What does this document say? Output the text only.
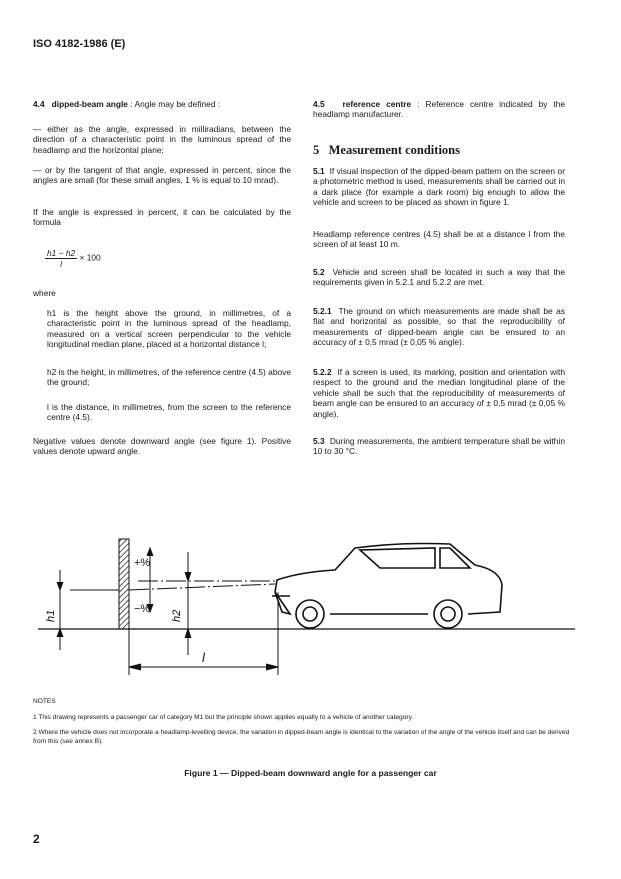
ISO 4182-1986 (E)
4.4 dipped-beam angle : Angle may be defined :
— either as the angle, expressed in milliradians, between the direction of a characteristic point in the luminous spread of the headlamp and the horizontal plane;
— or by the tangent of that angle, expressed in percent, since the angles are small (for these small angles, 1 % is equal to 10 mrad).
If the angle is expressed in percent, it can be calculated by the formula
$\frac{h1 - h2}{l} \times 100$
where
h1 is the height above the ground, in millimetres, of a characteristic point in the luminous spread of the headlamp, measured on a vertical screen perpendicular to the vehicle longitudinal median plane, placed at a horizontal distance l;
h2 is the height, in millimetres, of the reference centre (4.5) above the ground;
l is the distance, in millimetres, from the screen to the reference centre (4.5).
Negative values denote downward angle (see figure 1). Positive values denote upward angle.
4.5 reference centre : Reference centre indicated by the headlamp manufacturer.
5   Measurement conditions
5.1 If visual inspection of the dipped-beam pattern on the screen or a photometric method is used, measurements shall be carried out in a dark place (for example a dark room) big enough to allow the vehicle and screen to be placed as shown in figure 1.
Headlamp reference centres (4.5) shall be at a distance l from the screen of at least 10 m.
5.2 Vehicle and screen shall be located in such a way that the requirements given in 5.2.1 and 5.2.2 are met.
5.2.1 The ground on which measurements are made shall be as flat and horizontal as possible, so that the reproducibility of measurements of dipped-beam angle can be ensured to an accuracy of ± 0,5 mrad (± 0,05 % angle).
5.2.2 If a screen is used, its marking, position and orientation with respect to the ground and the median longitudinal plane of the vehicle shall be such that the reproducibility of measurements of beam angle can be ensured to an accuracy of ± 0,5 mrad (± 0,05 % angle).
5.3 During measurements, the ambient temperature shall be within 10 to 30 °C.
+%
−%
h2
h1
l
NOTES
1 This drawing represents a passenger car of category M1 but the principle shown applies equally to a vehicle of another category.
2 Where the vehicle does not incorporate a headlamp-levelling device, the variation in dipped-beam angle is identical to the variation of the angle of the vehicle itself and can be derived from this (see annex B).
Figure 1 — Dipped-beam downward angle for a passenger car
2
